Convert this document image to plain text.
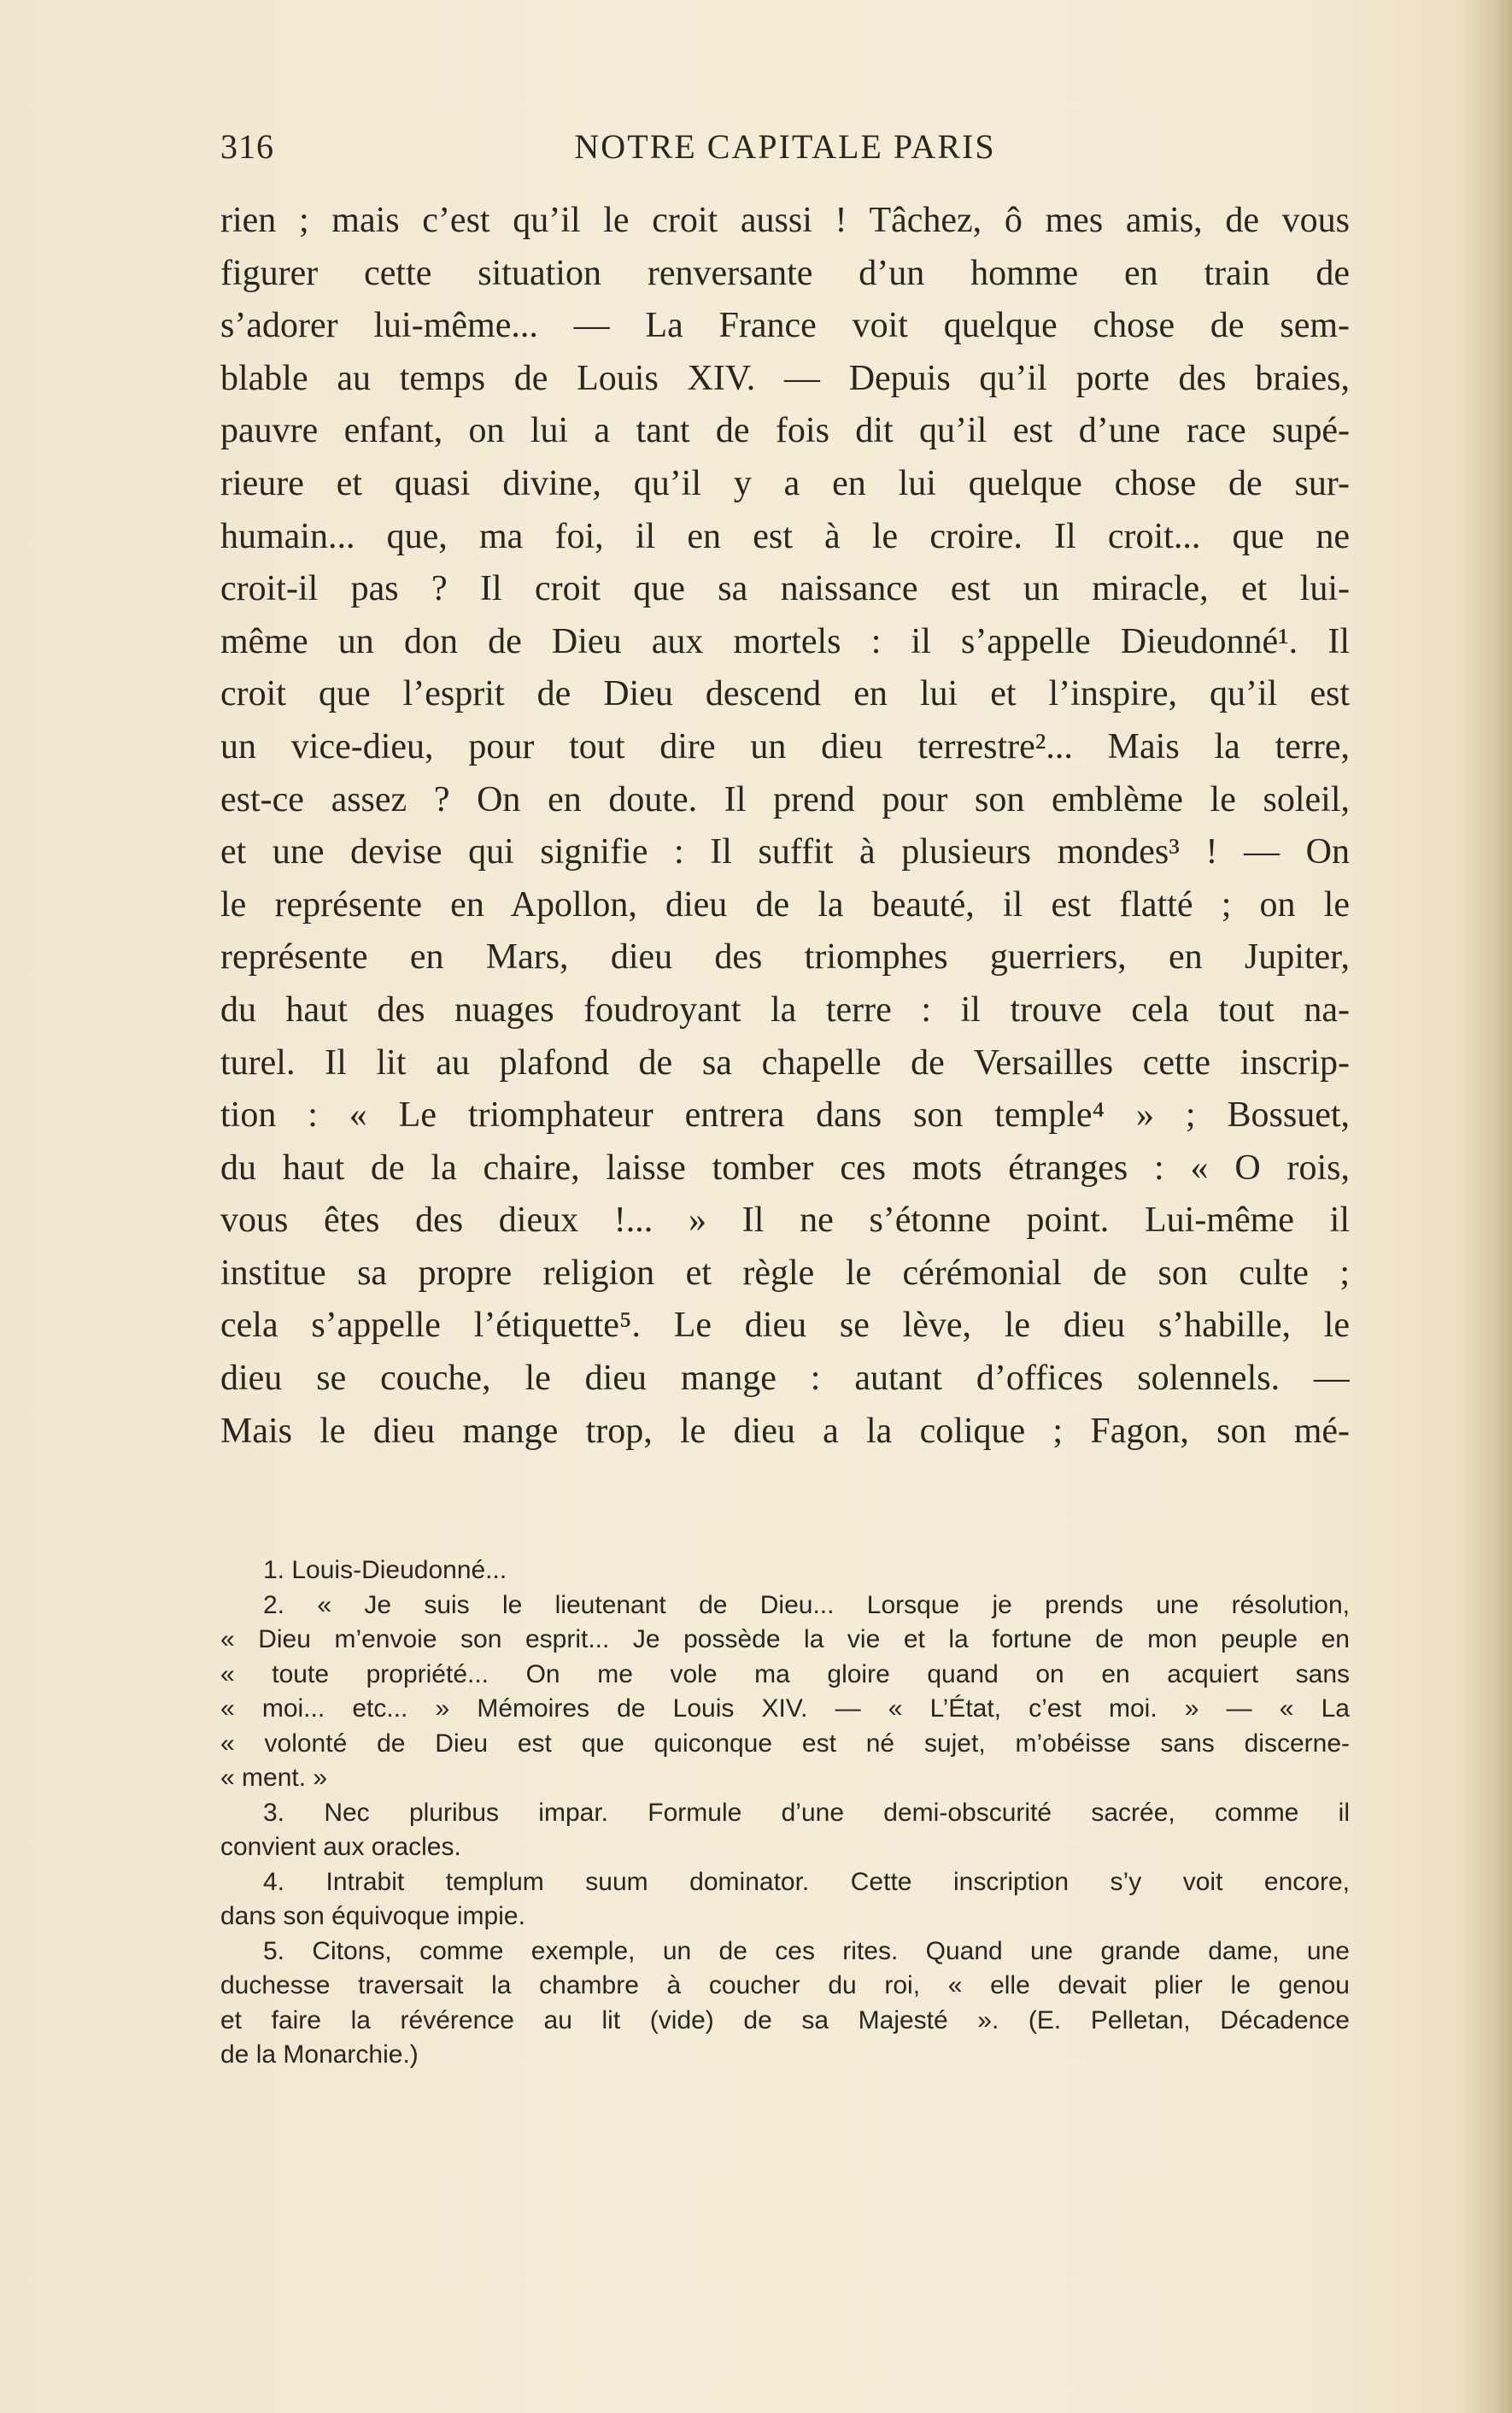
316	NOTRE CAPITALE PARIS
rien ; mais c’est qu’il le croit aussi ! Tâchez, ô mes amis, de vous
figurer cette situation renversante d’un homme en train de
s’adorer lui-même... — La France voit quelque chose de sem-
blable au temps de Louis XIV. — Depuis qu’il porte des braies,
pauvre enfant, on lui a tant de fois dit qu’il est d’une race supé-
rieure et quasi divine, qu’il y a en lui quelque chose de sur-
humain... que, ma foi, il en est à le croire. Il croit... que ne
croit-il pas ? Il croit que sa naissance est un miracle, et lui-
même un don de Dieu aux mortels : il s’appelle Dieudonné¹. Il
croit que l’esprit de Dieu descend en lui et l’inspire, qu’il est
un vice-dieu, pour tout dire un dieu terrestre²... Mais la terre,
est-ce assez ? On en doute. Il prend pour son emblème le soleil,
et une devise qui signifie : Il suffit à plusieurs mondes³ ! — On
le représente en Apollon, dieu de la beauté, il est flatté ; on le
représente en Mars, dieu des triomphes guerriers, en Jupiter,
du haut des nuages foudroyant la terre : il trouve cela tout na-
turel. Il lit au plafond de sa chapelle de Versailles cette inscrip-
tion : « Le triomphateur entrera dans son temple⁴ » ; Bossuet,
du haut de la chaire, laisse tomber ces mots étranges : « O rois,
vous êtes des dieux !... » Il ne s’étonne point. Lui-même il
institue sa propre religion et règle le cérémonial de son culte ;
cela s’appelle l’étiquette⁵. Le dieu se lève, le dieu s’habille, le
dieu se couche, le dieu mange : autant d’offices solennels. —
Mais le dieu mange trop, le dieu a la colique ; Fagon, son mé-
1. Louis-Dieudonné...
2. « Je suis le lieutenant de Dieu... Lorsque je prends une résolution,
« Dieu m’envoie son esprit... Je possède la vie et la fortune de mon peuple en
« toute propriété... On me vole ma gloire quand on en acquiert sans
« moi... etc... » Mémoires de Louis XIV. — « L’État, c’est moi. » — « La
« volonté de Dieu est que quiconque est né sujet, m’obéisse sans discerne-
« ment. »
3. Nec pluribus impar. Formule d’une demi-obscurité sacrée, comme il
convient aux oracles.
4. Intrabit templum suum dominator. Cette inscription s’y voit encore,
dans son équivoque impie.
5. Citons, comme exemple, un de ces rites. Quand une grande dame, une
duchesse traversait la chambre à coucher du roi, « elle devait plier le genou
et faire la révérence au lit (vide) de sa Majesté ». (E. Pelletan, Décadence
de la Monarchie.)
